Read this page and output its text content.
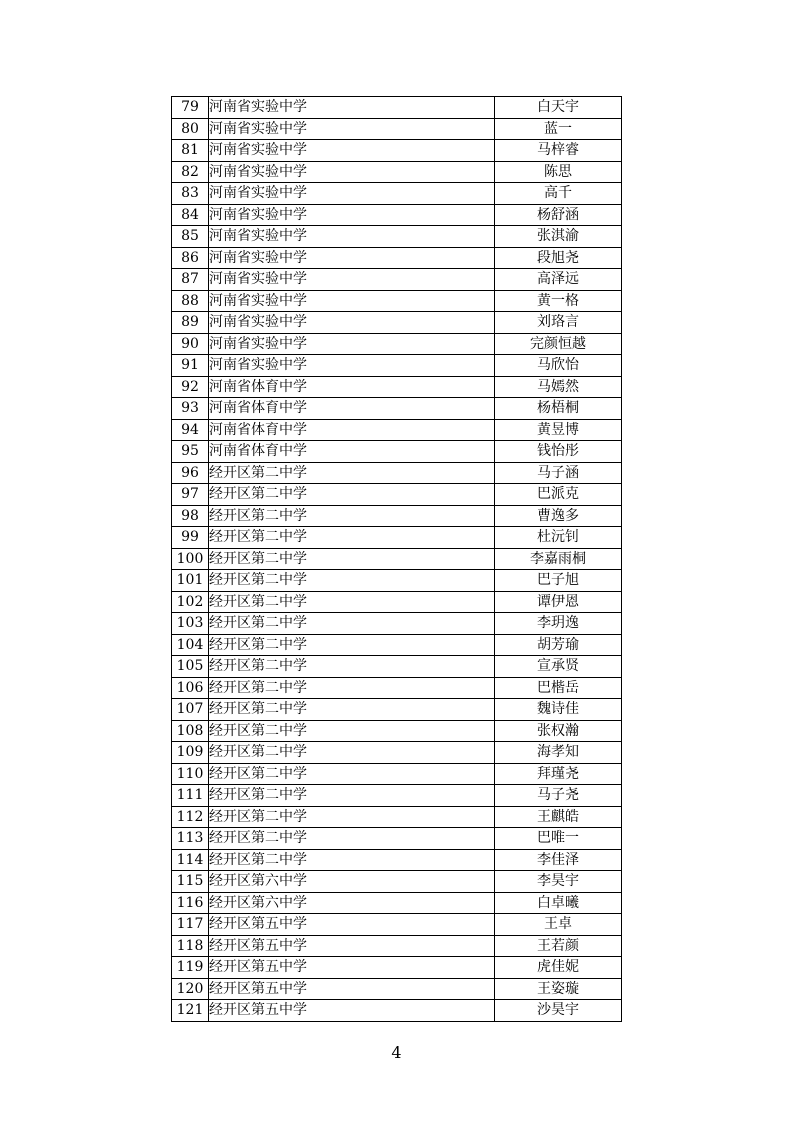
79	河南省实验中学	白天宇
80	河南省实验中学	蓝一
81	河南省实验中学	马梓睿
82	河南省实验中学	陈思
83	河南省实验中学	高千
84	河南省实验中学	杨舒涵
85	河南省实验中学	张淇渝
86	河南省实验中学	段旭尧
87	河南省实验中学	高泽远
88	河南省实验中学	黄一格
89	河南省实验中学	刘珞言
90	河南省实验中学	完颜恒越
91	河南省实验中学	马欣怡
92	河南省体育中学	马嫣然
93	河南省体育中学	杨梧桐
94	河南省体育中学	黄昱博
95	河南省体育中学	钱怡彤
96	经开区第二中学	马子涵
97	经开区第二中学	巴派克
98	经开区第二中学	曹逸多
99	经开区第二中学	杜沅钊
100	经开区第二中学	李嘉雨桐
101	经开区第二中学	巴子旭
102	经开区第二中学	谭伊恩
103	经开区第二中学	李玥逸
104	经开区第二中学	胡芳瑜
105	经开区第二中学	宣承贤
106	经开区第二中学	巴楷岳
107	经开区第二中学	魏诗佳
108	经开区第二中学	张权瀚
109	经开区第二中学	海孝知
110	经开区第二中学	拜瑾尧
111	经开区第二中学	马子尧
112	经开区第二中学	王麒皓
113	经开区第二中学	巴唯一
114	经开区第二中学	李佳泽
115	经开区第六中学	李昊宇
116	经开区第六中学	白卓曦
117	经开区第五中学	王卓
118	经开区第五中学	王若颜
119	经开区第五中学	虎佳妮
120	经开区第五中学	王姿璇
121	经开区第五中学	沙昊宇
4
